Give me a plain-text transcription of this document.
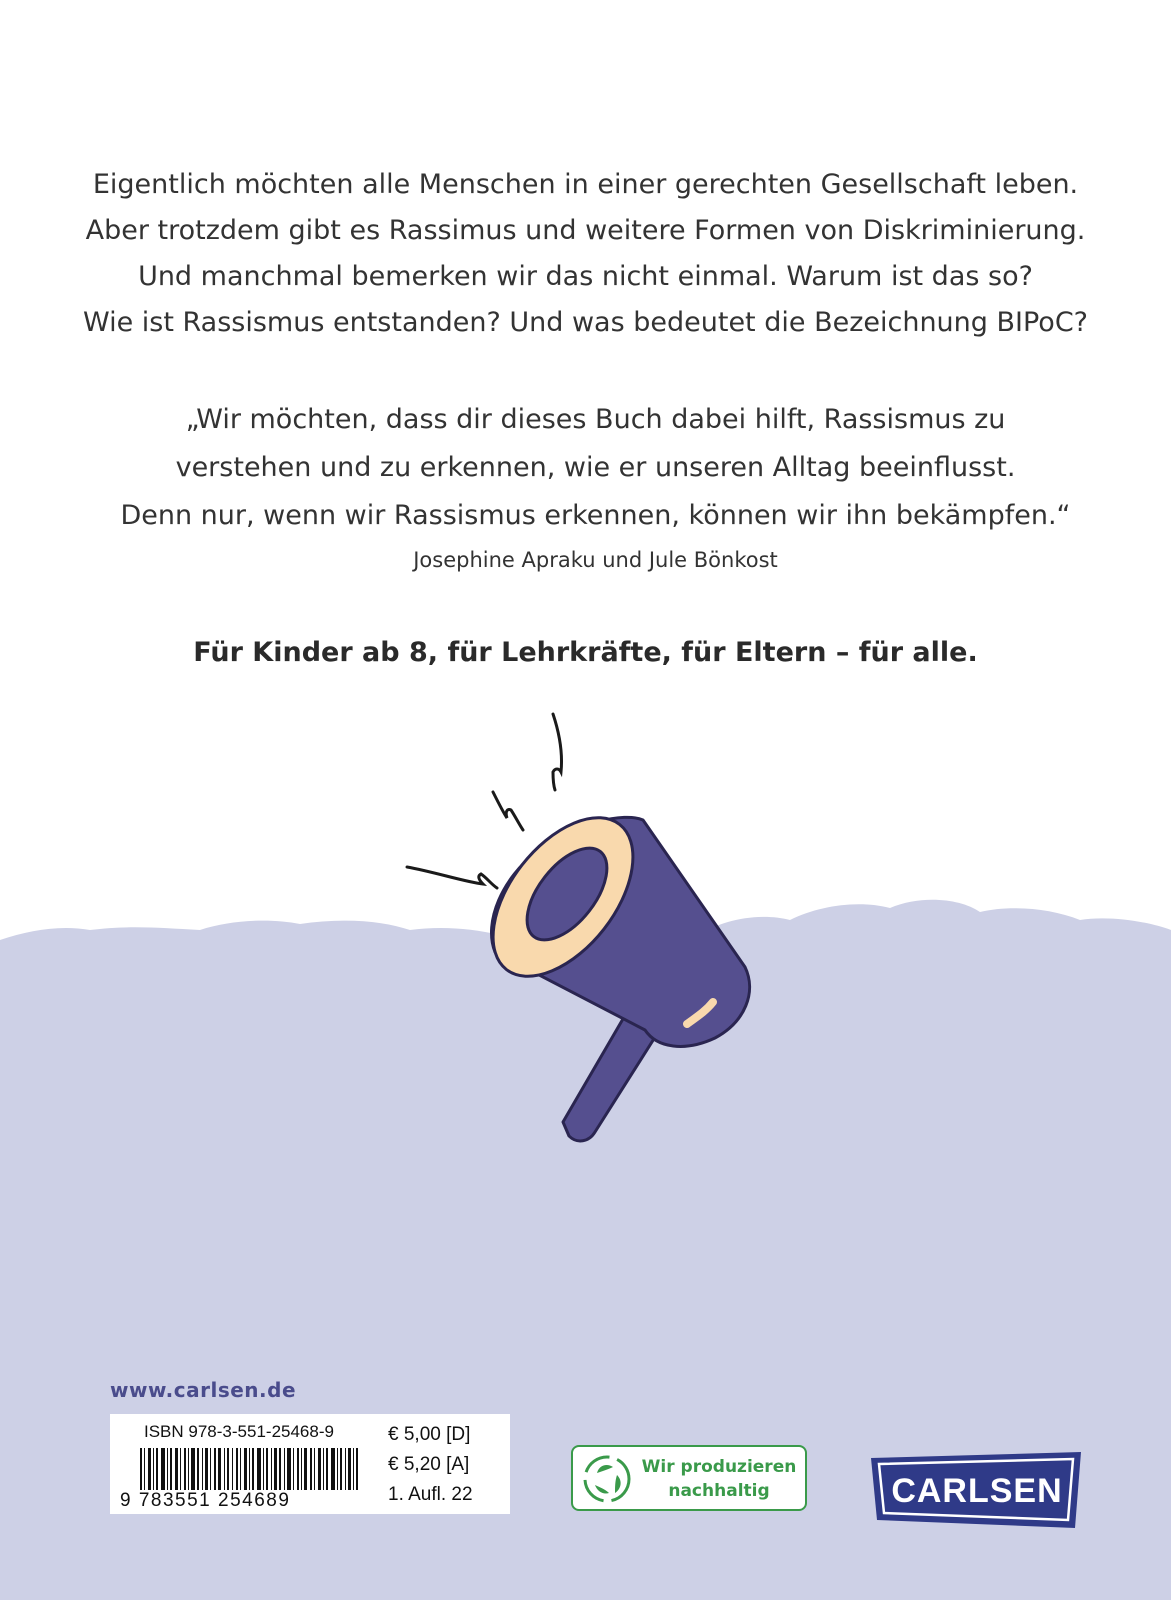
Eigentlich möchten alle Menschen in einer gerechten Gesellschaft leben.
Aber trotzdem gibt es Rassimus und weitere Formen von Diskriminierung.
Und manchmal bemerken wir das nicht einmal. Warum ist das so?
Wie ist Rassismus entstanden? Und was bedeutet die Bezeichnung BIPoC?
„Wir möchten, dass dir dieses Buch dabei hilft, Rassismus zu
verstehen und zu erkennen, wie er unseren Alltag beeinflusst.
Denn nur, wenn wir Rassismus erkennen, können wir ihn bekämpfen.“
Josephine Apraku und Jule Bönkost
Für Kinder ab 8, für Lehrkräfte, für Eltern – für alle.
www.carlsen.de
ISBN 978-3-551-25468-9
9 783551 254689
€ 5,00 [D]
€ 5,20 [A]
1. Aufl. 22
Wir produzieren
nachhaltig	CARLSEN
